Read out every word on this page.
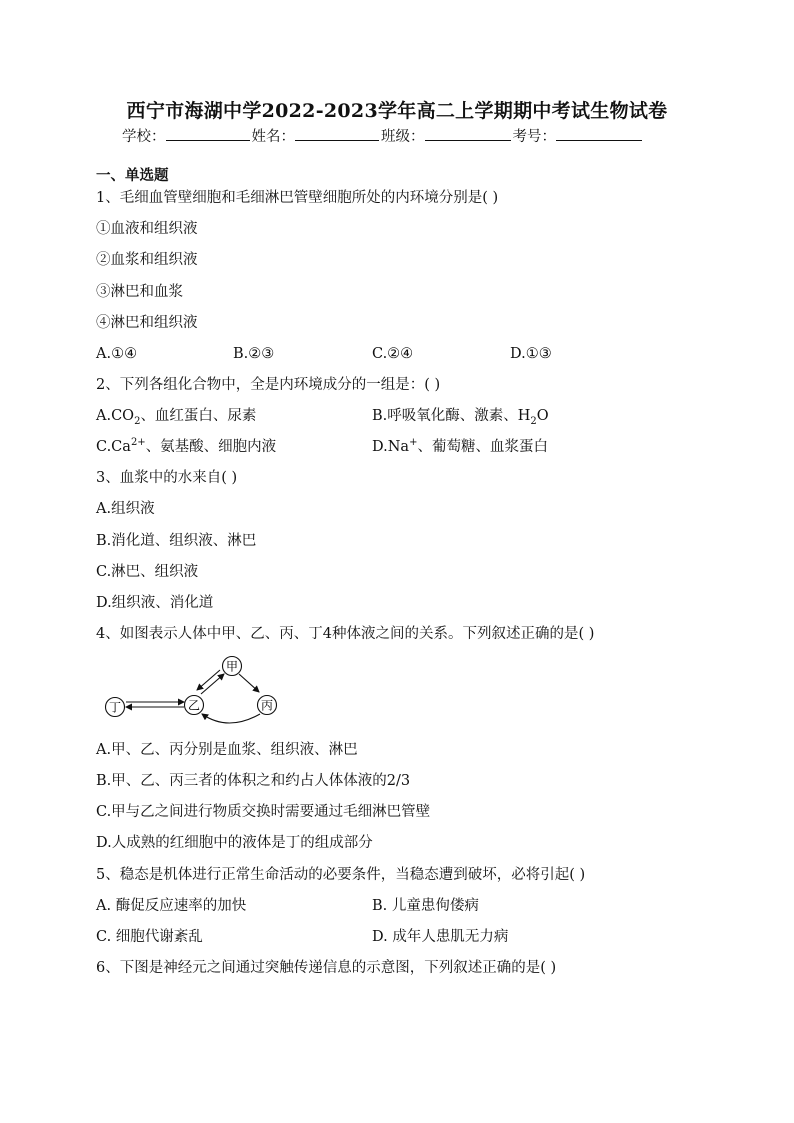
西宁市海湖中学2022-2023学年高二上学期期中考试生物试卷
学校：	姓名：	班级：	考号：
一、单选题
1、毛细血管壁细胞和毛细淋巴管壁细胞所处的内环境分别是( )
①血液和组织液
②血浆和组织液
③淋巴和血浆
④淋巴和组织液
A.①④	B.②③	C.②④	D.①③
2、下列各组化合物中，全是内环境成分的一组是：( )
$A.CO_2$、血红蛋白、尿素	B.呼吸氧化酶、激素、$H_2O$
$C.Ca^{2+}$、氨基酸、细胞内液	D.Na+、葡萄糖、血浆蛋白
3、血浆中的水来自( )
A.组织液
B.消化道、组织液、淋巴
C.淋巴、组织液
D.组织液、消化道
4、如图表示人体中甲、乙、丙、丁4种体液之间的关系。下列叙述正确的是( )
甲
乙	丙
丁
A.甲、乙、丙分别是血浆、组织液、淋巴
B.甲、乙、丙三者的体积之和约占人体体液的2/3
C.甲与乙之间进行物质交换时需要通过毛细淋巴管壁
D.人成熟的红细胞中的液体是丁的组成部分
5、稳态是机体进行正常生命活动的必要条件，当稳态遭到破坏，必将引起( )
A. 酶促反应速率的加快	B. 儿童患佝偻病
C. 细胞代谢紊乱	D. 成年人患肌无力病
6、下图是神经元之间通过突触传递信息的示意图，下列叙述正确的是( )
